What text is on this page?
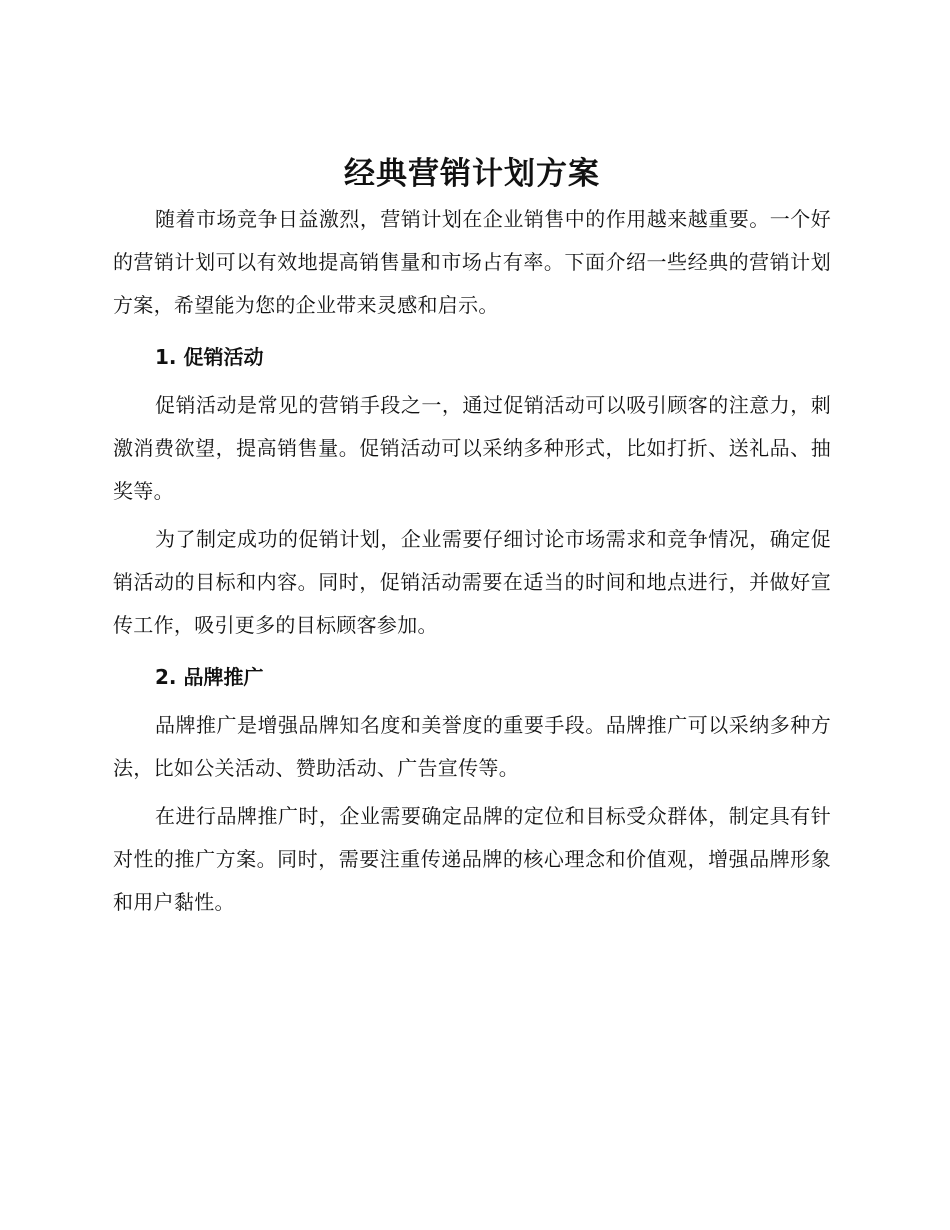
经典营销计划方案

随着市场竞争日益激烈，营销计划在企业销售中的作用越来越重要。一个好的营销计划可以有效地提高销售量和市场占有率。下面介绍一些经典的营销计划方案，希望能为您的企业带来灵感和启示。

1. 促销活动

促销活动是常见的营销手段之一，通过促销活动可以吸引顾客的注意力，刺激消费欲望，提高销售量。促销活动可以采纳多种形式，比如打折、送礼品、抽奖等。

为了制定成功的促销计划，企业需要仔细讨论市场需求和竞争情况，确定促销活动的目标和内容。同时，促销活动需要在适当的时间和地点进行，并做好宣传工作，吸引更多的目标顾客参加。

2. 品牌推广

品牌推广是增强品牌知名度和美誉度的重要手段。品牌推广可以采纳多种方法，比如公关活动、赞助活动、广告宣传等。

在进行品牌推广时，企业需要确定品牌的定位和目标受众群体，制定具有针对性的推广方案。同时，需要注重传递品牌的核心理念和价值观，增强品牌形象和用户黏性。
